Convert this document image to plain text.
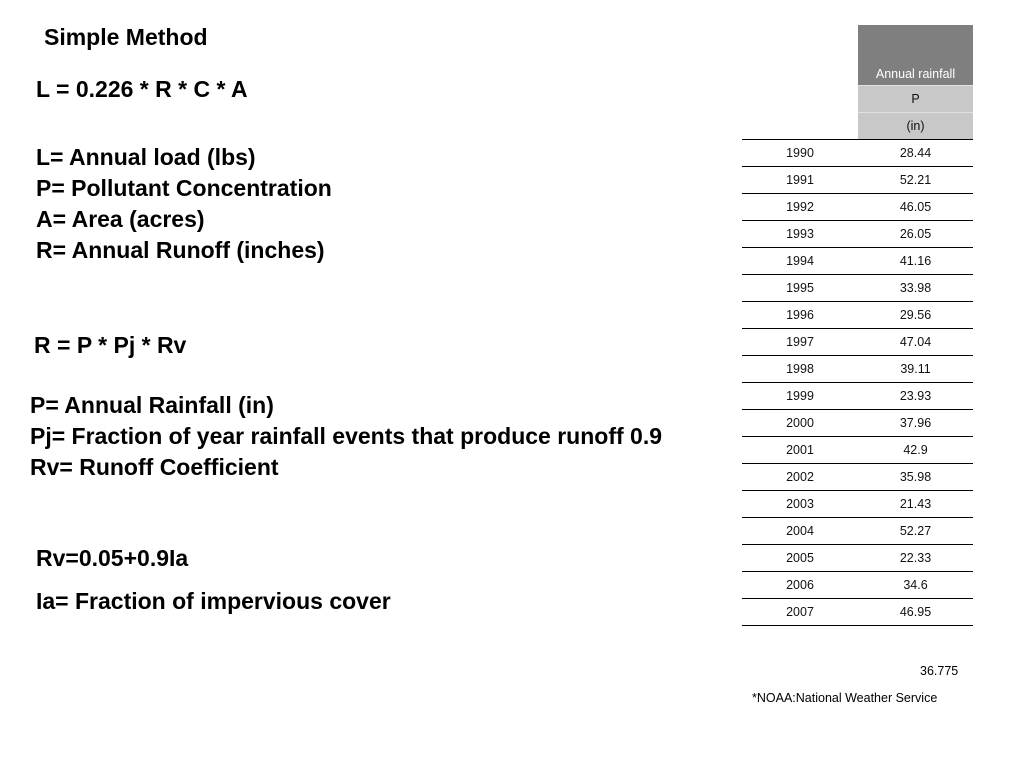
Simple Method
L = 0.226 * R * C * A
L= Annual load (lbs)
P= Pollutant Concentration
A= Area (acres)
R= Annual Runoff (inches)
R = P * Pj * Rv
P= Annual Rainfall (in)
Pj= Fraction of year rainfall events that produce runoff 0.9
Rv= Runoff Coefficient
Rv=0.05+0.9Ia
Ia= Fraction of impervious cover
	Annual rainfall
	P
	(in)
1990	28.44
1991	52.21
1992	46.05
1993	26.05
1994	41.16
1995	33.98
1996	29.56
1997	47.04
1998	39.11
1999	23.93
2000	37.96
2001	42.9
2002	35.98
2003	21.43
2004	52.27
2005	22.33
2006	34.6
2007	46.95
36.775
*NOAA:National Weather Service
